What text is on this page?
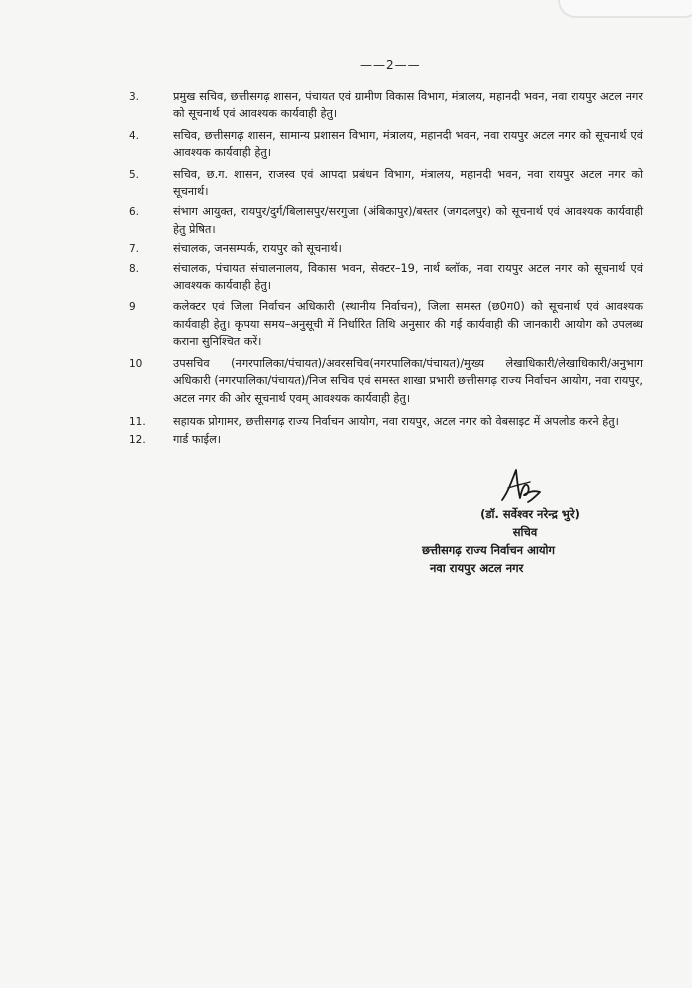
——2——
3.	प्रमुख सचिव, छत्तीसगढ़ शासन, पंचायत एवं ग्रामीण विकास विभाग, मंत्रालय, महानदी भवन, नवा रायपुर अटल नगर को सूचनार्थ एवं आवश्यक कार्यवाही हेतु।
4.	सचिव, छत्तीसगढ़ शासन, सामान्य प्रशासन विभाग, मंत्रालय, महानदी भवन, नवा रायपुर अटल नगर को सूचनार्थ एवं आवश्यक कार्यवाही हेतु।
5.	सचिव, छ.ग. शासन, राजस्व एवं आपदा प्रबंधन विभाग, मंत्रालय, महानदी भवन, नवा रायपुर अटल नगर को सूचनार्थ।
6.	संभाग आयुक्त, रायपुर/दुर्ग/बिलासपुर/सरगुजा (अंबिकापुर)/बस्तर (जगदलपुर) को सूचनार्थ एवं आवश्यक कार्यवाही हेतु प्रेषित।
7.	संचालक, जनसम्पर्क, रायपुर को सूचनार्थ।
8.	संचालक, पंचायत संचालनालय, विकास भवन, सेक्टर–19, नार्थ ब्लॉक, नवा रायपुर अटल नगर को सूचनार्थ एवं आवश्यक कार्यवाही हेतु।
9	कलेक्टर एवं जिला निर्वाचन अधिकारी (स्थानीय निर्वाचन), जिला समस्त (छ0ग0) को सूचनार्थ एवं आवश्यक कार्यवाही हेतु। कृपया समय–अनुसूची में निर्धारित तिथि अनुसार की गई कार्यवाही की जानकारी आयोग को उपलब्ध कराना सुनिश्चित करें।
10	उपसचिव (नगरपालिका/पंचायत)/अवरसचिव(नगरपालिका/पंचायत)/मुख्य लेखाधिकारी/लेखाधिकारी/अनुभाग अधिकारी (नगरपालिका/पंचायत)/निज सचिव एवं समस्त शाखा प्रभारी छत्तीसगढ़ राज्य निर्वाचन आयोग, नवा रायपुर, अटल नगर की ओर सूचनार्थ एवम् आवश्यक कार्यवाही हेतु।
11. सहायक प्रोगामर, छत्तीसगढ़ राज्य निर्वाचन आयोग, नवा रायपुर, अटल नगर को वेबसाइट में अपलोड करने हेतु।
12. गार्ड फाईल।
(डॉ. सर्वेश्वर नरेन्द्र भुरे)
सचिव
छत्तीसगढ़ राज्य निर्वाचन आयोग
नवा रायपुर अटल नगर
